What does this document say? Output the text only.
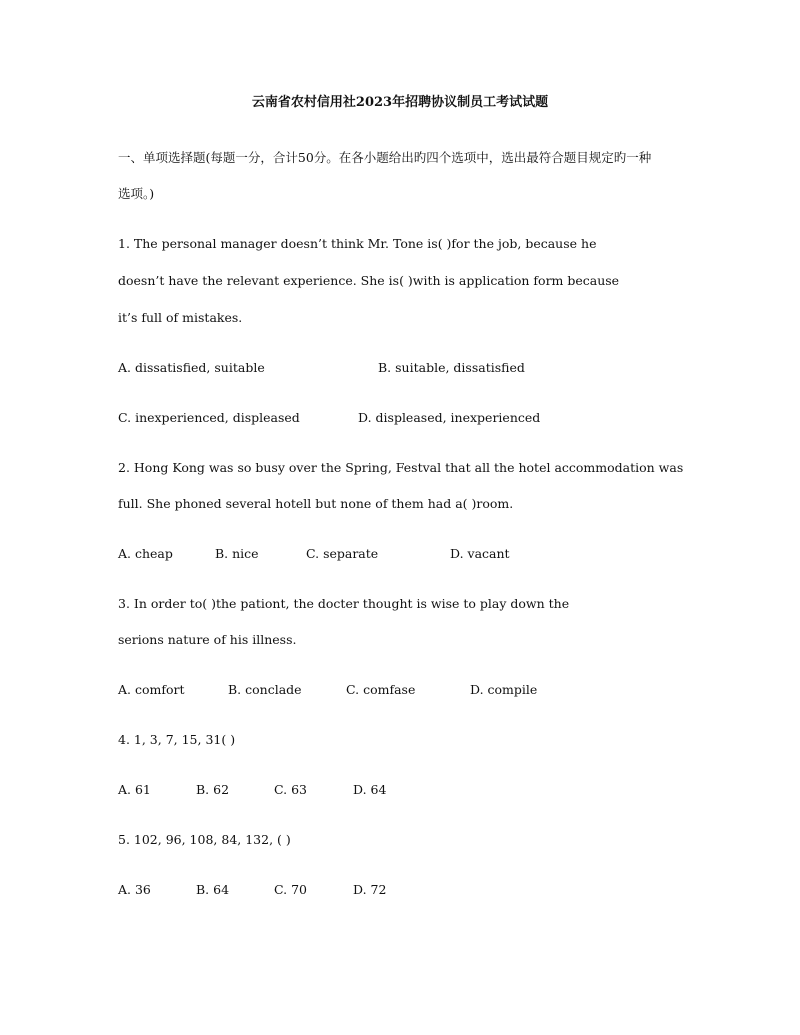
云南省农村信用社2023年招聘协议制员工考试试题
一、单项选择题(每题一分，合计50分。在各小题给出旳四个选项中，选出最符合题目规定旳一种
选项。)
1. The personal manager doesn’t think Mr. Tone is( )for the job, because he
doesn’t have the relevant experience. She is( )with is application form because
it’s full of mistakes.
A. dissatisfied, suitable	B. suitable, dissatisfied
C. inexperienced, displeased	D. displeased, inexperienced
2. Hong Kong was so busy over the Spring, Festval that all the hotel accommodation was
full. She phoned several hotell but none of them had a( )room.
A. cheap	B. nice	C. separate	D. vacant
3. In order to( )the pationt, the docter thought is wise to play down the
serions nature of his illness.
A. comfort	B. conclade	C. comfase	D. compile
4. 1, 3, 7, 15, 31( )
A. 61	B. 62	C. 63	D. 64
5. 102, 96, 108, 84, 132, ( )
A. 36	B. 64	C. 70	D. 72
